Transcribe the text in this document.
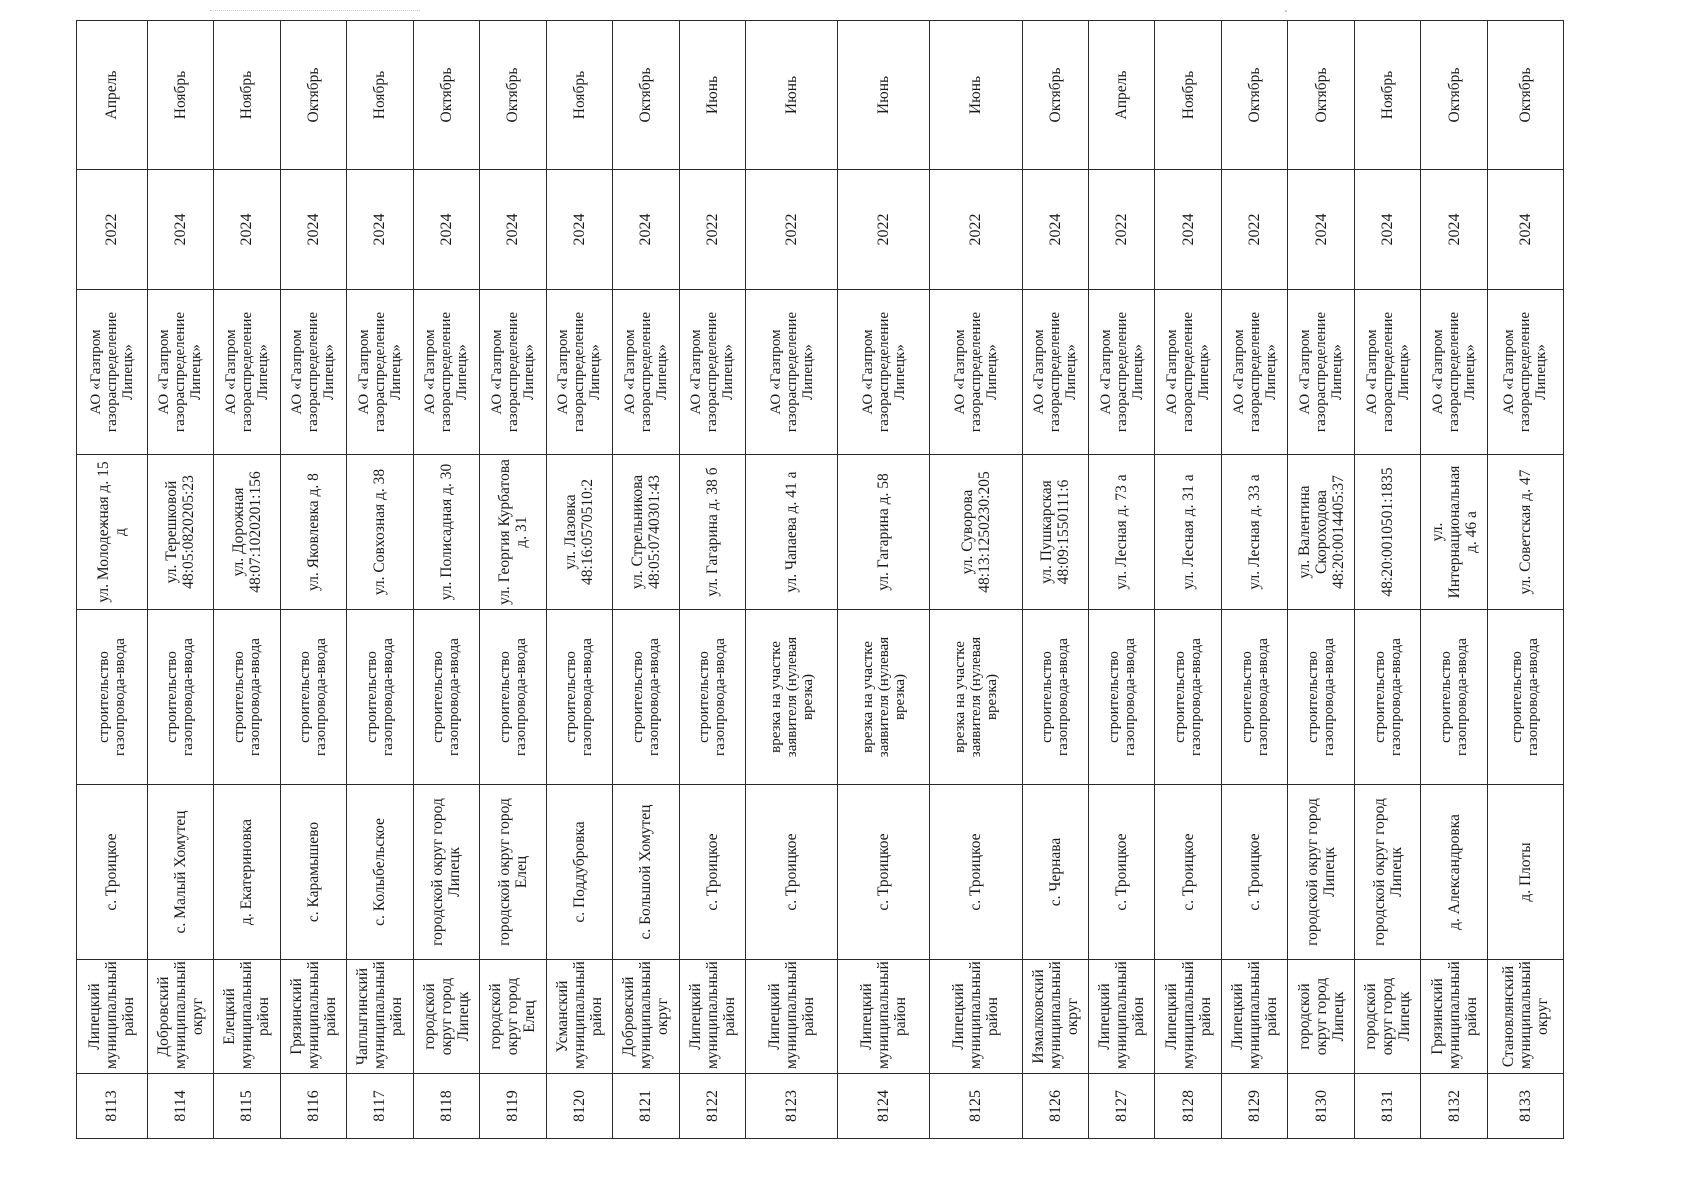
8113	Липецкий муниципальный район	с. Троицкое	строительство газопровода-ввода	ул. Молодежная д. 15 д	АО «Газпром газораспределение Липецк»	2022	Апрель
8114	Добровский муниципальный округ	с. Малый Хомутец	строительство газопровода-ввода	ул. Терешковой 48:05:0820205:23	АО «Газпром газораспределение Липецк»	2024	Ноябрь
8115	Елецкий муниципальный район	д. Екатериновка	строительство газопровода-ввода	ул. Дорожная 48:07:1020201:156	АО «Газпром газораспределение Липецк»	2024	Ноябрь
8116	Грязинский муниципальный район	с. Карамышево	строительство газопровода-ввода	ул. Яковлевка д. 8	АО «Газпром газораспределение Липецк»	2024	Октябрь
8117	Чаплыгинский муниципальный район	с. Колыбельское	строительство газопровода-ввода	ул. Совхозная д. 38	АО «Газпром газораспределение Липецк»	2024	Ноябрь
8118	городской округ город Липецк	городской округ город Липецк	строительство газопровода-ввода	ул. Полисадная д. 30	АО «Газпром газораспределение Липецк»	2024	Октябрь
8119	городской округ город Елец	городской округ город Елец	строительство газопровода-ввода	ул. Георгия Курбатова д. 31	АО «Газпром газораспределение Липецк»	2024	Октябрь
8120	Усманский муниципальный район	с. Поддубровка	строительство газопровода-ввода	ул. Лазовка 48:16:0570510:2	АО «Газпром газораспределение Липецк»	2024	Ноябрь
8121	Добровский муниципальный округ	с. Большой Хомутец	строительство газопровода-ввода	ул. Стрельникова 48:05:0740301:43	АО «Газпром газораспределение Липецк»	2024	Октябрь
8122	Липецкий муниципальный район	с. Троицкое	строительство газопровода-ввода	ул. Гагарина д. 38 б	АО «Газпром газораспределение Липецк»	2022	Июнь
8123	Липецкий муниципальный район	с. Троицкое	врезка на участке заявителя (нулевая врезка)	ул. Чапаева д. 41 а	АО «Газпром газораспределение Липецк»	2022	Июнь
8124	Липецкий муниципальный район	с. Троицкое	врезка на участке заявителя (нулевая врезка)	ул. Гагарина д. 58	АО «Газпром газораспределение Липецк»	2022	Июнь
8125	Липецкий муниципальный район	с. Троицкое	врезка на участке заявителя (нулевая врезка)	ул. Суворова 48:13:1250230:205	АО «Газпром газораспределение Липецк»	2022	Июнь
8126	Измалковский муниципальный округ	с. Чернава	строительство газопровода-ввода	ул. Пушкарская 48:09:1550111:6	АО «Газпром газораспределение Липецк»	2024	Октябрь
8127	Липецкий муниципальный район	с. Троицкое	строительство газопровода-ввода	ул. Лесная д. 73 а	АО «Газпром газораспределение Липецк»	2022	Апрель
8128	Липецкий муниципальный район	с. Троицкое	строительство газопровода-ввода	ул. Лесная д. 31 а	АО «Газпром газораспределение Липецк»	2024	Ноябрь
8129	Липецкий муниципальный район	с. Троицкое	строительство газопровода-ввода	ул. Лесная д. 33 а	АО «Газпром газораспределение Липецк»	2022	Октябрь
8130	городской округ город Липецк	городской округ город Липецк	строительство газопровода-ввода	ул. Валентина Скороходова 48:20:0014405:37	АО «Газпром газораспределение Липецк»	2024	Октябрь
8131	городской округ город Липецк	городской округ город Липецк	строительство газопровода-ввода	48:20:0010501:1835	АО «Газпром газораспределение Липецк»	2024	Ноябрь
8132	Грязинский муниципальный район	д. Александровка	строительство газопровода-ввода	ул. Интернациональная д. 46 а	АО «Газпром газораспределение Липецк»	2024	Октябрь
8133	Становлянский муниципальный округ	д. Плоты	строительство газопровода-ввода	ул. Советская д. 47	АО «Газпром газораспределение Липецк»	2024	Октябрь
